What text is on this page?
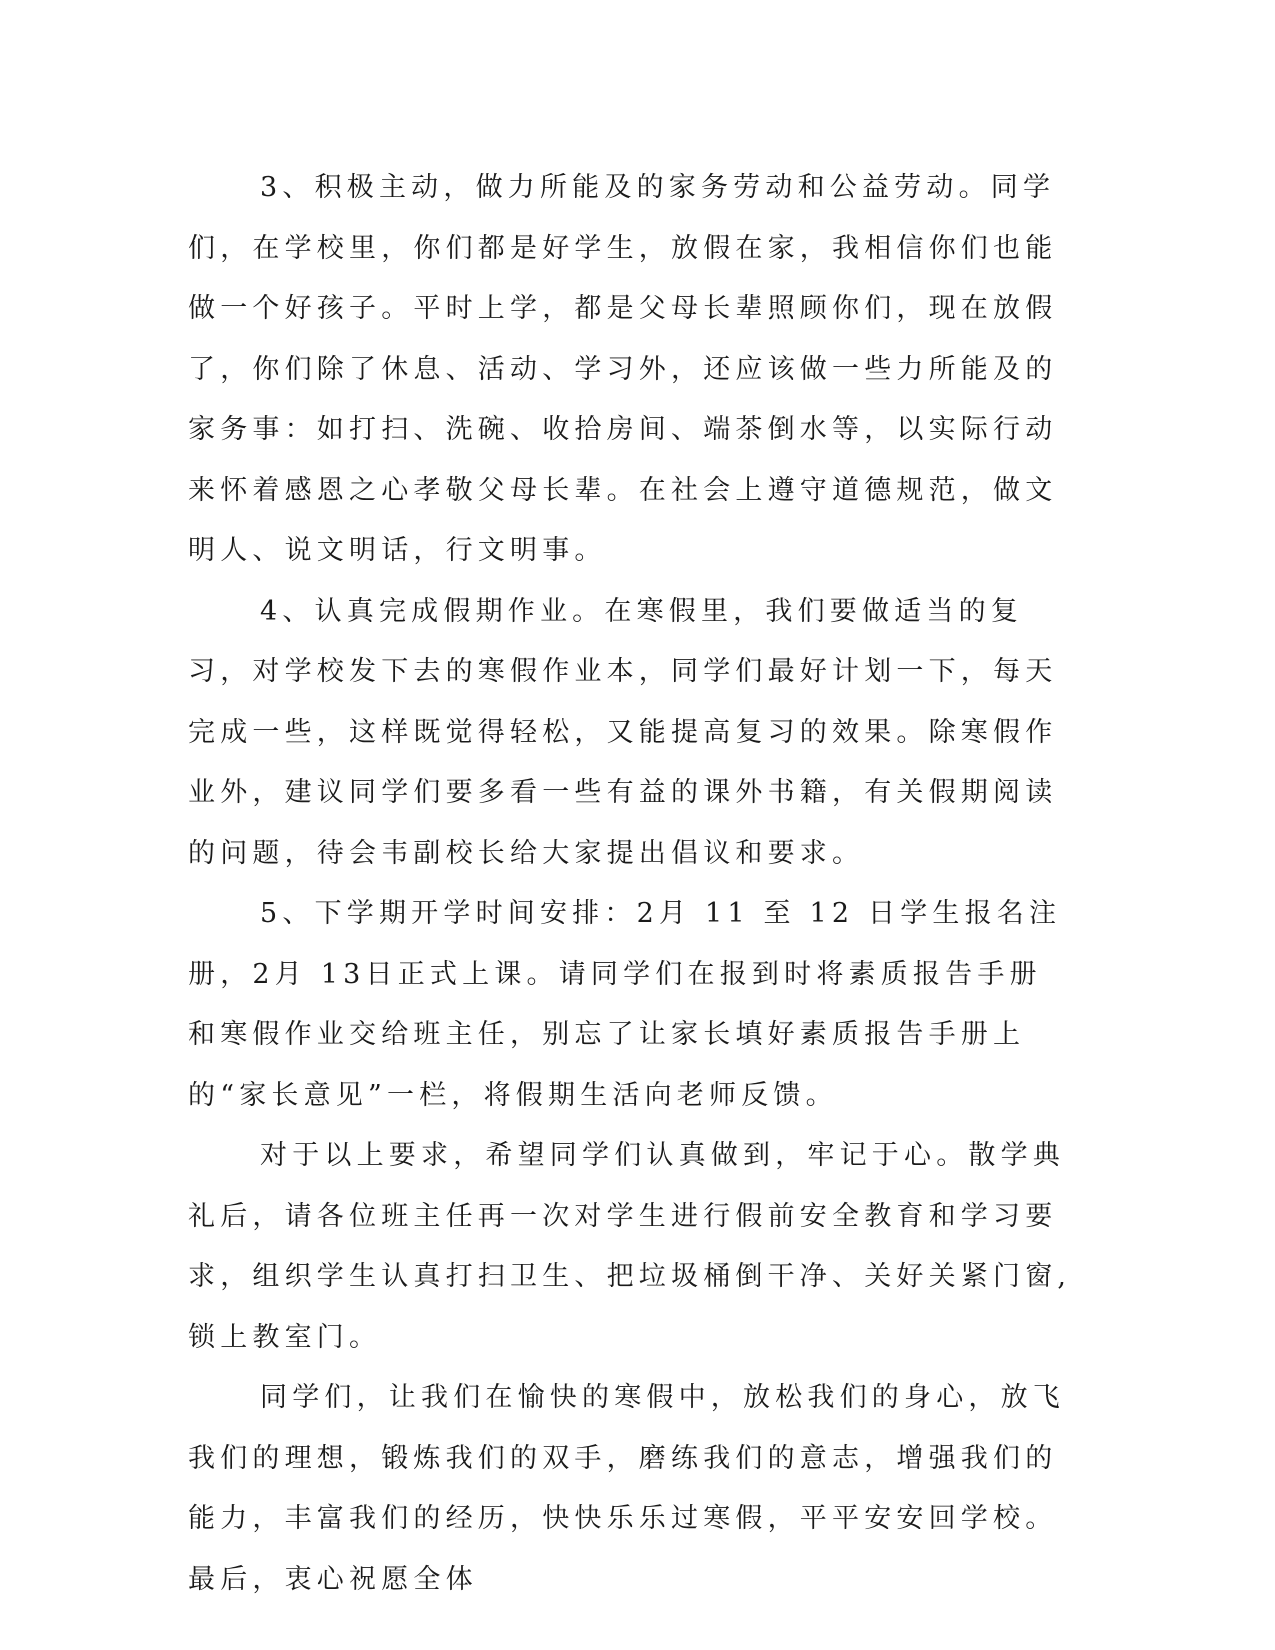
3、积极主动，做力所能及的家务劳动和公益劳动。同学们，在学校里，你们都是好学生，放假在家，我相信你们也能做一个好孩子。平时上学，都是父母长辈照顾你们，现在放假了，你们除了休息、活动、学习外，还应该做一些力所能及的家务事：如打扫、洗碗、收拾房间、端茶倒水等，以实际行动来怀着感恩之心孝敬父母长辈。在社会上遵守道德规范，做文明人、说文明话，行文明事。

4、认真完成假期作业。在寒假里，我们要做适当的复习，对学校发下去的寒假作业本，同学们最好计划一下，每天完成一些，这样既觉得轻松，又能提高复习的效果。除寒假作业外，建议同学们要多看一些有益的课外书籍，有关假期阅读的问题，待会韦副校长给大家提出倡议和要求。

5、下学期开学时间安排：2月 11 至 12 日学生报名注册，2月 13日正式上课。请同学们在报到时将素质报告手册和寒假作业交给班主任，别忘了让家长填好素质报告手册上的“家长意见”一栏，将假期生活向老师反馈。

对于以上要求，希望同学们认真做到，牢记于心。散学典礼后，请各位班主任再一次对学生进行假前安全教育和学习要求，组织学生认真打扫卫生、把垃圾桶倒干净、关好关紧门窗,锁上教室门。

同学们，让我们在愉快的寒假中，放松我们的身心，放飞我们的理想，锻炼我们的双手，磨练我们的意志，增强我们的能力，丰富我们的经历，快快乐乐过寒假，平平安安回学校。最后，衷心祝愿全体
